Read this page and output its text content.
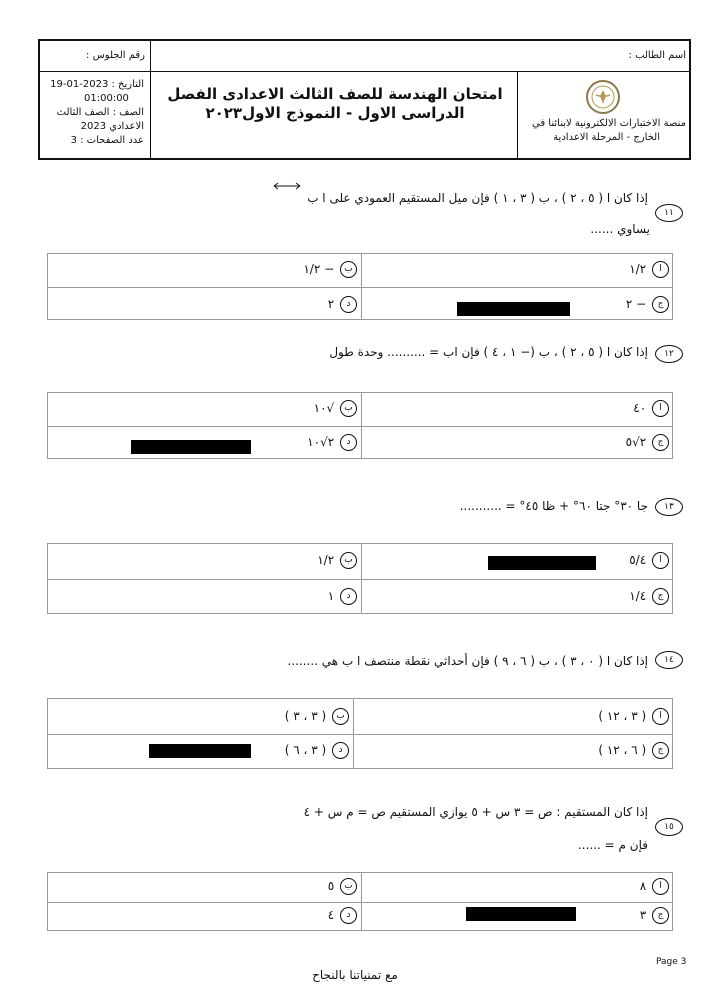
اسم الطالب :
رقم الجلوس :
منصة الاختبارات الالكترونية لابنائنا في
الخارج - المرحلة الاعدادية
امتحان الهندسة للصف الثالث الاعدادى الفصل
الدراسى الاول - النموذج الاول٢٠٢٣
التاريخ : 2023-01-19
01:00:00
الصف : الصف الثالث
الاعدادي 2023
عدد الصفحات : 3
١١
إذا كان ا ( ٥ ، ٢ ) ، ب ( ٣ ، ١ ) فإن ميل المستقيم العمودي على ا ب
يساوي ......
ا ١/٢
ب − ١/٢
ج − ٢
د ٢
١٢
إذا كان ا ( ٥ ، ٢ ) ، ب (− ١ ، ٤ ) فإن اب = .......... وحدة طول
ا ٤٠
ب √١٠
ج ٢√٥
د ٢√١٠
١٣
جا ٣٠° جتا ٦٠° + ظا ٤٥° = ...........
ا ٥/٤
ب ١/٢
ج ١/٤
د ١
١٤
إذا كان ا ( ٠ ، ٣ ) ، ب ( ٦ ، ٩ ) فإن أحداثي نقطة منتصف ا ب هي ........
ا ( ٣ ، ١٢ )
ب ( ٣ ، ٣ )
ج ( ٦ ، ١٢ )
د ( ٣ ، ٦ )
١٥
إذا كان المستقيم : ص = ٣ س + ٥ يوازي المستقيم ص = م س + ٤
فإن م = ......
ا ٨
ب ٥
ج ٣
د ٤
Page 3
مع تمنياتنا بالنجاح
